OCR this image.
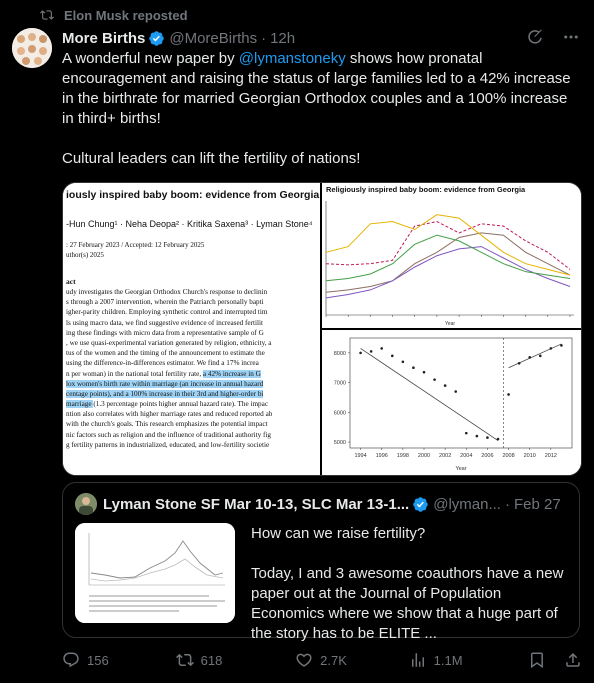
Elon Musk reposted
More Births @MoreBirths · 12h

A wonderful new paper by @lymanstoneky shows how pronatal encouragement and raising the status of large families led to a 42% increase in the birthrate for married Georgian Orthodox couples and a 100% increase in third+ births!

Cultural leaders can lift the fertility of nations!

iously inspired baby boom: evidence from Georgia
-Hun Chung¹ · Neha Deopa² · Kritika Saxena³ · Lyman Stone⁴
: 27 February 2023 / Accepted: 12 February 2025
uthor(s) 2025
act
udy investigates the Georgian Orthodox Church's response to declinin
s through a 2007 intervention, wherein the Patriarch personally bapti
igher-parity children. Employing synthetic control and interrupted tim
ls using macro data, we find suggestive evidence of increased fertilit
ing these findings with micro data from a representative sample of G
, we use quasi-experimental variation generated by religion, ethnicity, a
tus of the women and the timing of the announcement to estimate the
using the difference-in-differences estimator. We find a 17% increa
n per woman) in the national total fertility rate, a 42% increase in G
lox women's birth rate within marriage (an increase in annual hazard
centage points), and a 100% increase in their 3rd and higher-order bi
marriage (1.3 percentage points higher annual hazard rate). The impac
ntion also correlates with higher marriage rates and reduced reported ab
with the church's goals. This research emphasizes the potential impact
nic factors such as religion and the influence of traditional authority fig
g fertility patterns in industrialized, educated, and low-fertility societie
Religiously inspired baby boom: evidence from Georgia
Year
5000
6000
7000
8000
1994 1996 1998 2000 2002 2004 2006 2008 2010 2012
Year
Lyman Stone SF Mar 10-13, SLC Mar 13-1... @lyman... · Feb 27

How can we raise fertility?

Today, I and 3 awesome coauthors have a new paper out at the Journal of Population Economics where we show that a huge part of the story has to be ELITE ...

156	618	2.7K	1.1M
